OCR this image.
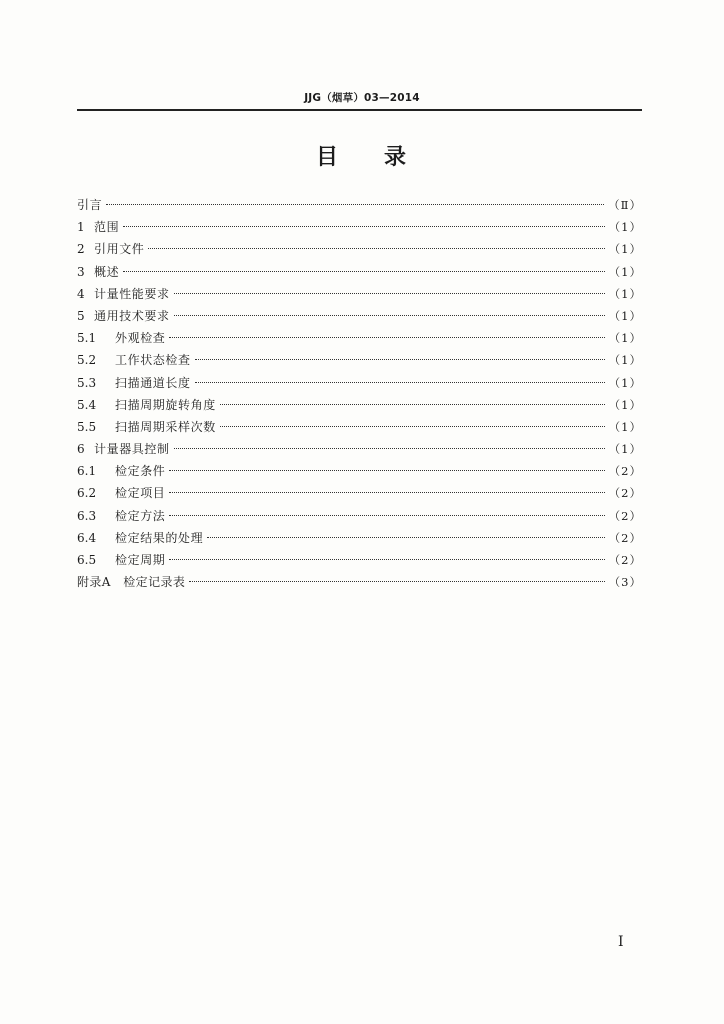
JJG（烟草）03—2014
目 录
引言	（Ⅱ）
1 范围	（1）
2 引用文件	（1）
3 概述	（1）
4 计量性能要求	（1）
5 通用技术要求	（1）
5.1	外观检查	（1）
5.2	工作状态检查	（1）
5.3	扫描通道长度	（1）
5.4	扫描周期旋转角度	（1）
5.5	扫描周期采样次数	（1）
6 计量器具控制	（1）
6.1	检定条件	（2）
6.2	检定项目	（2）
6.3	检定方法	（2）
6.4	检定结果的处理	（2）
6.5	检定周期	（2）
附录A　检定记录表	（3）
Ⅰ
